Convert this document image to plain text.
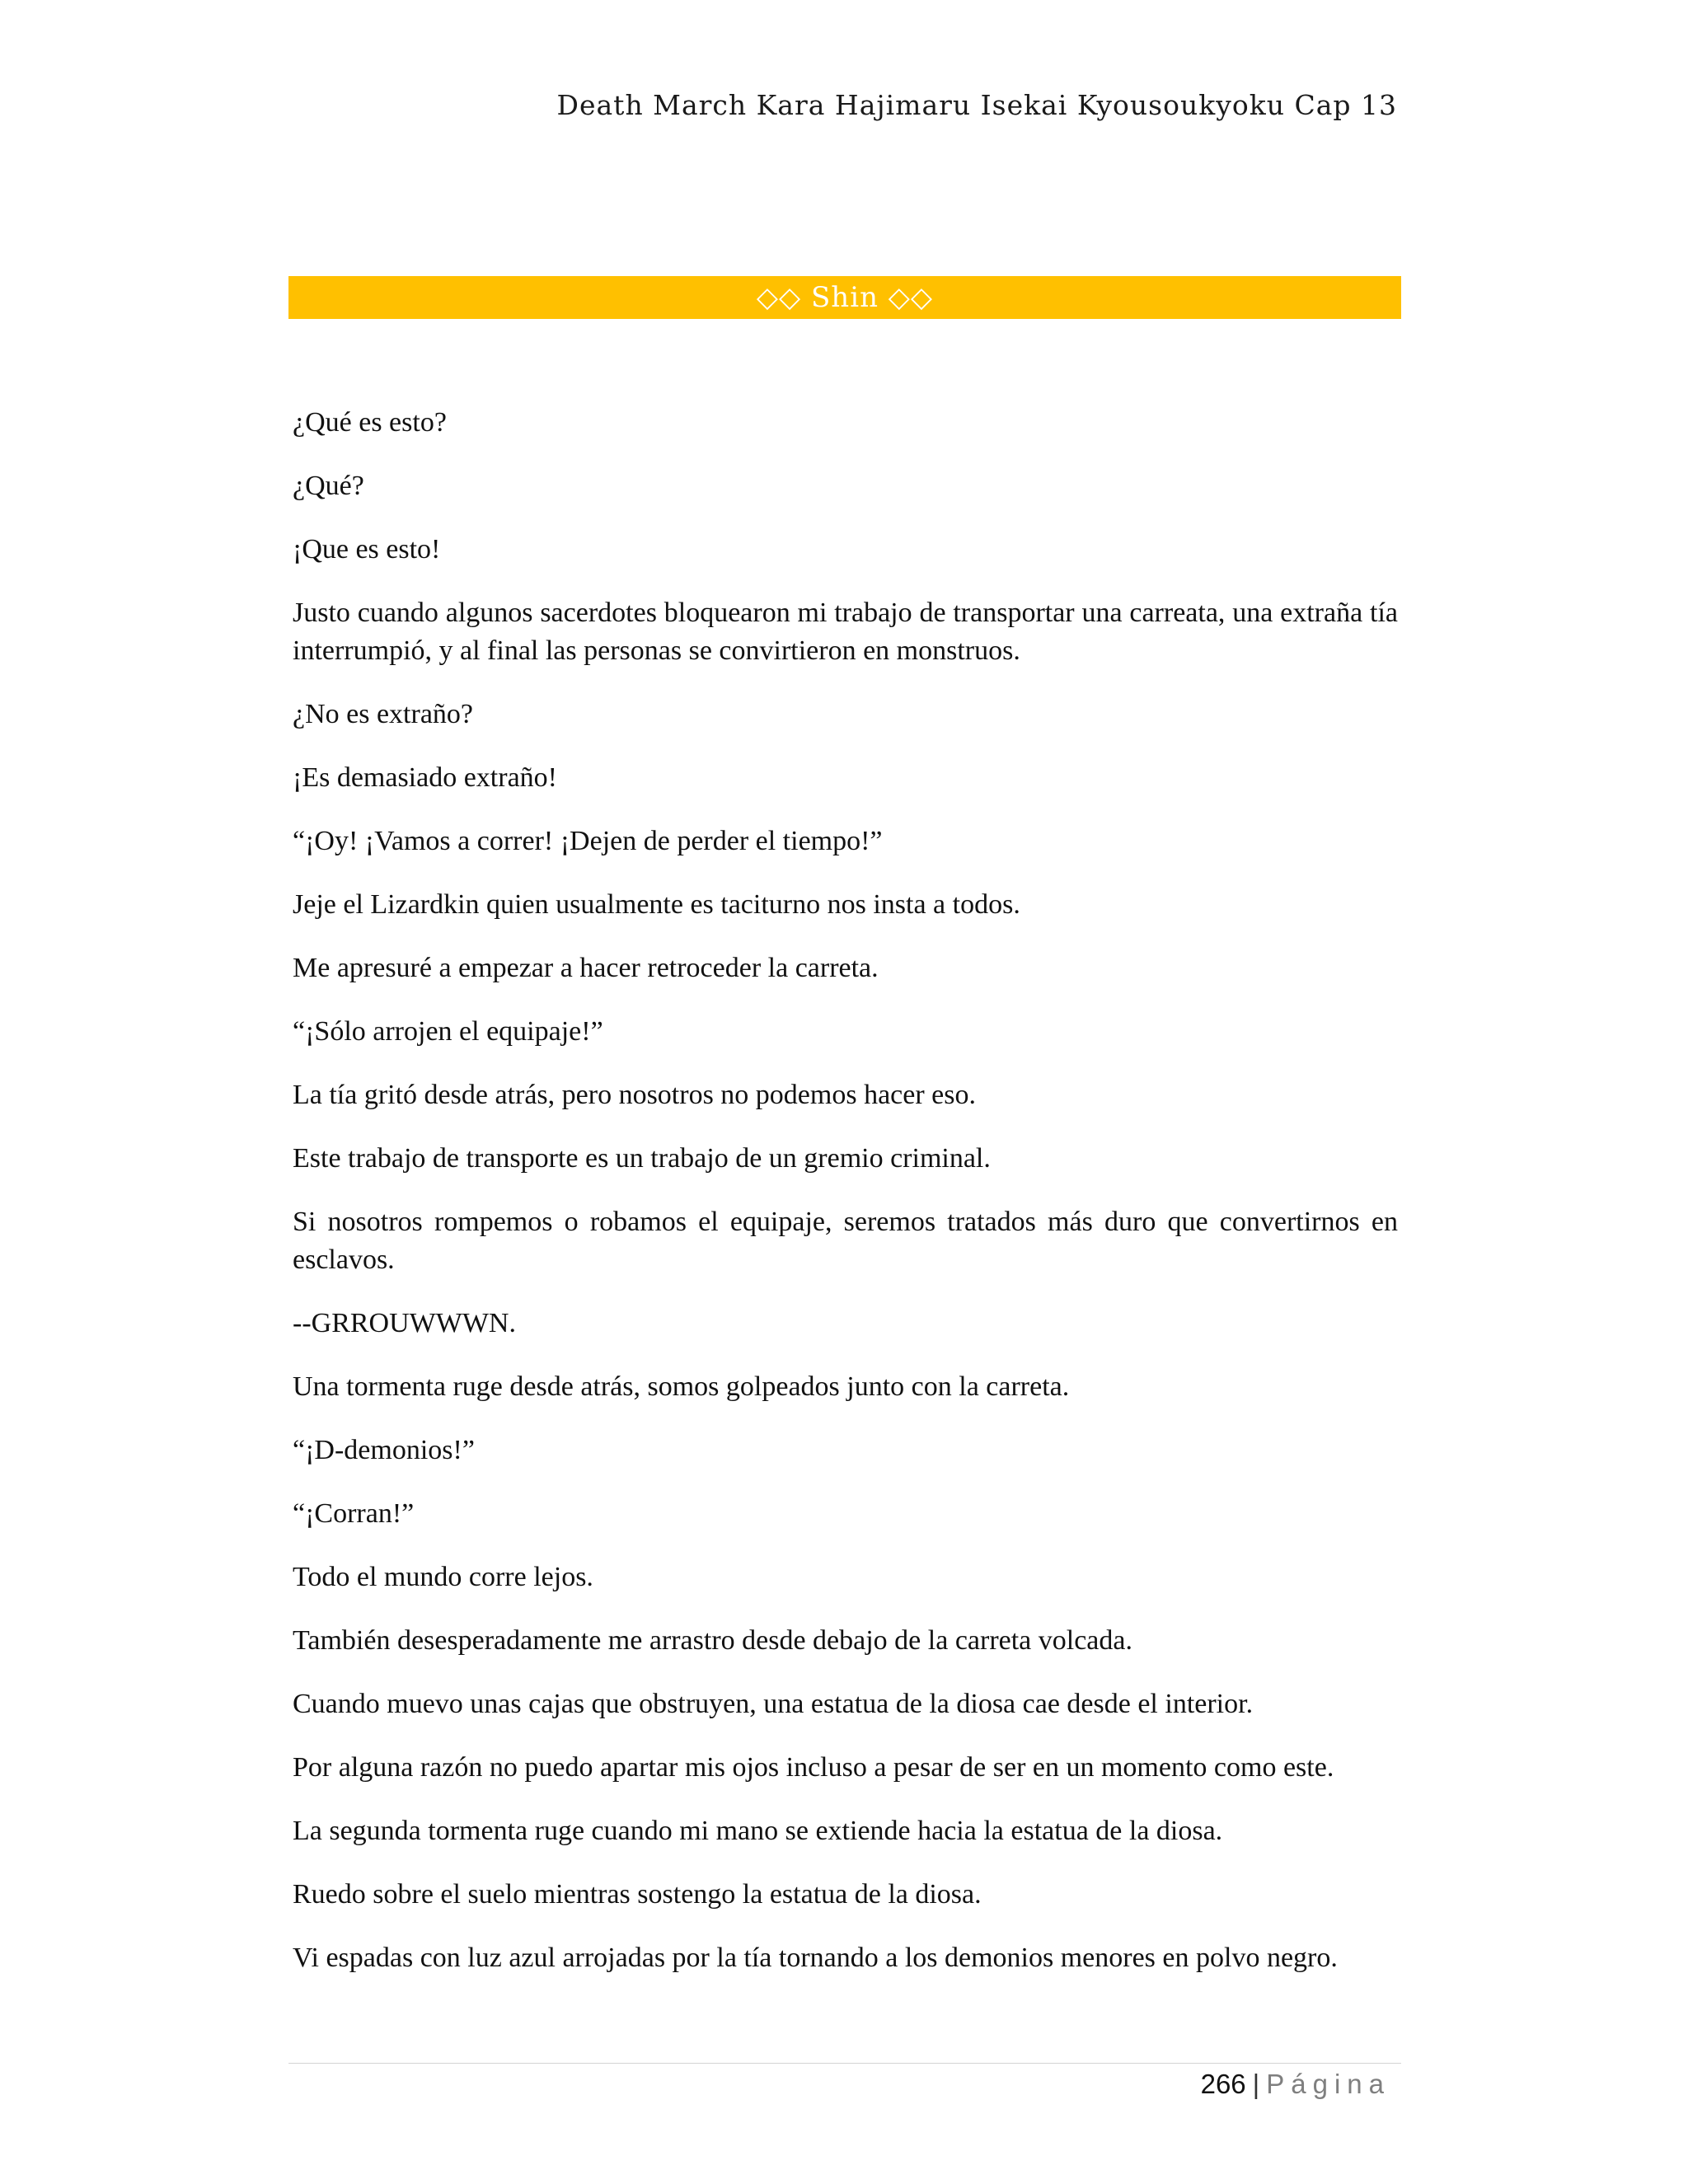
Death March Kara Hajimaru Isekai Kyousoukyoku Cap 13
◇◇ Shin ◇◇

¿Qué es esto?

¿Qué?

¡Que es esto!

Justo cuando algunos sacerdotes bloquearon mi trabajo de transportar una carreata, una extraña tía interrumpió, y al final las personas se convirtieron en monstruos.

¿No es extraño?

¡Es demasiado extraño!

“¡Oy! ¡Vamos a correr! ¡Dejen de perder el tiempo!”

Jeje el Lizardkin quien usualmente es taciturno nos insta a todos.

Me apresuré a empezar a hacer retroceder la carreta.

“¡Sólo arrojen el equipaje!”

La tía gritó desde atrás, pero nosotros no podemos hacer eso.

Este trabajo de transporte es un trabajo de un gremio criminal.

Si nosotros rompemos o robamos el equipaje, seremos tratados más duro que convertirnos en esclavos.

--GRROUWWWN.

Una tormenta ruge desde atrás, somos golpeados junto con la carreta.

“¡D-demonios!”

“¡Corran!”

Todo el mundo corre lejos.

También desesperadamente me arrastro desde debajo de la carreta volcada.

Cuando muevo unas cajas que obstruyen, una estatua de la diosa cae desde el interior.

Por alguna razón no puedo apartar mis ojos incluso a pesar de ser en un momento como este.

La segunda tormenta ruge cuando mi mano se extiende hacia la estatua de la diosa.

Ruedo sobre el suelo mientras sostengo la estatua de la diosa.

Vi espadas con luz azul arrojadas por la tía tornando a los demonios menores en polvo negro.

266 | Página
